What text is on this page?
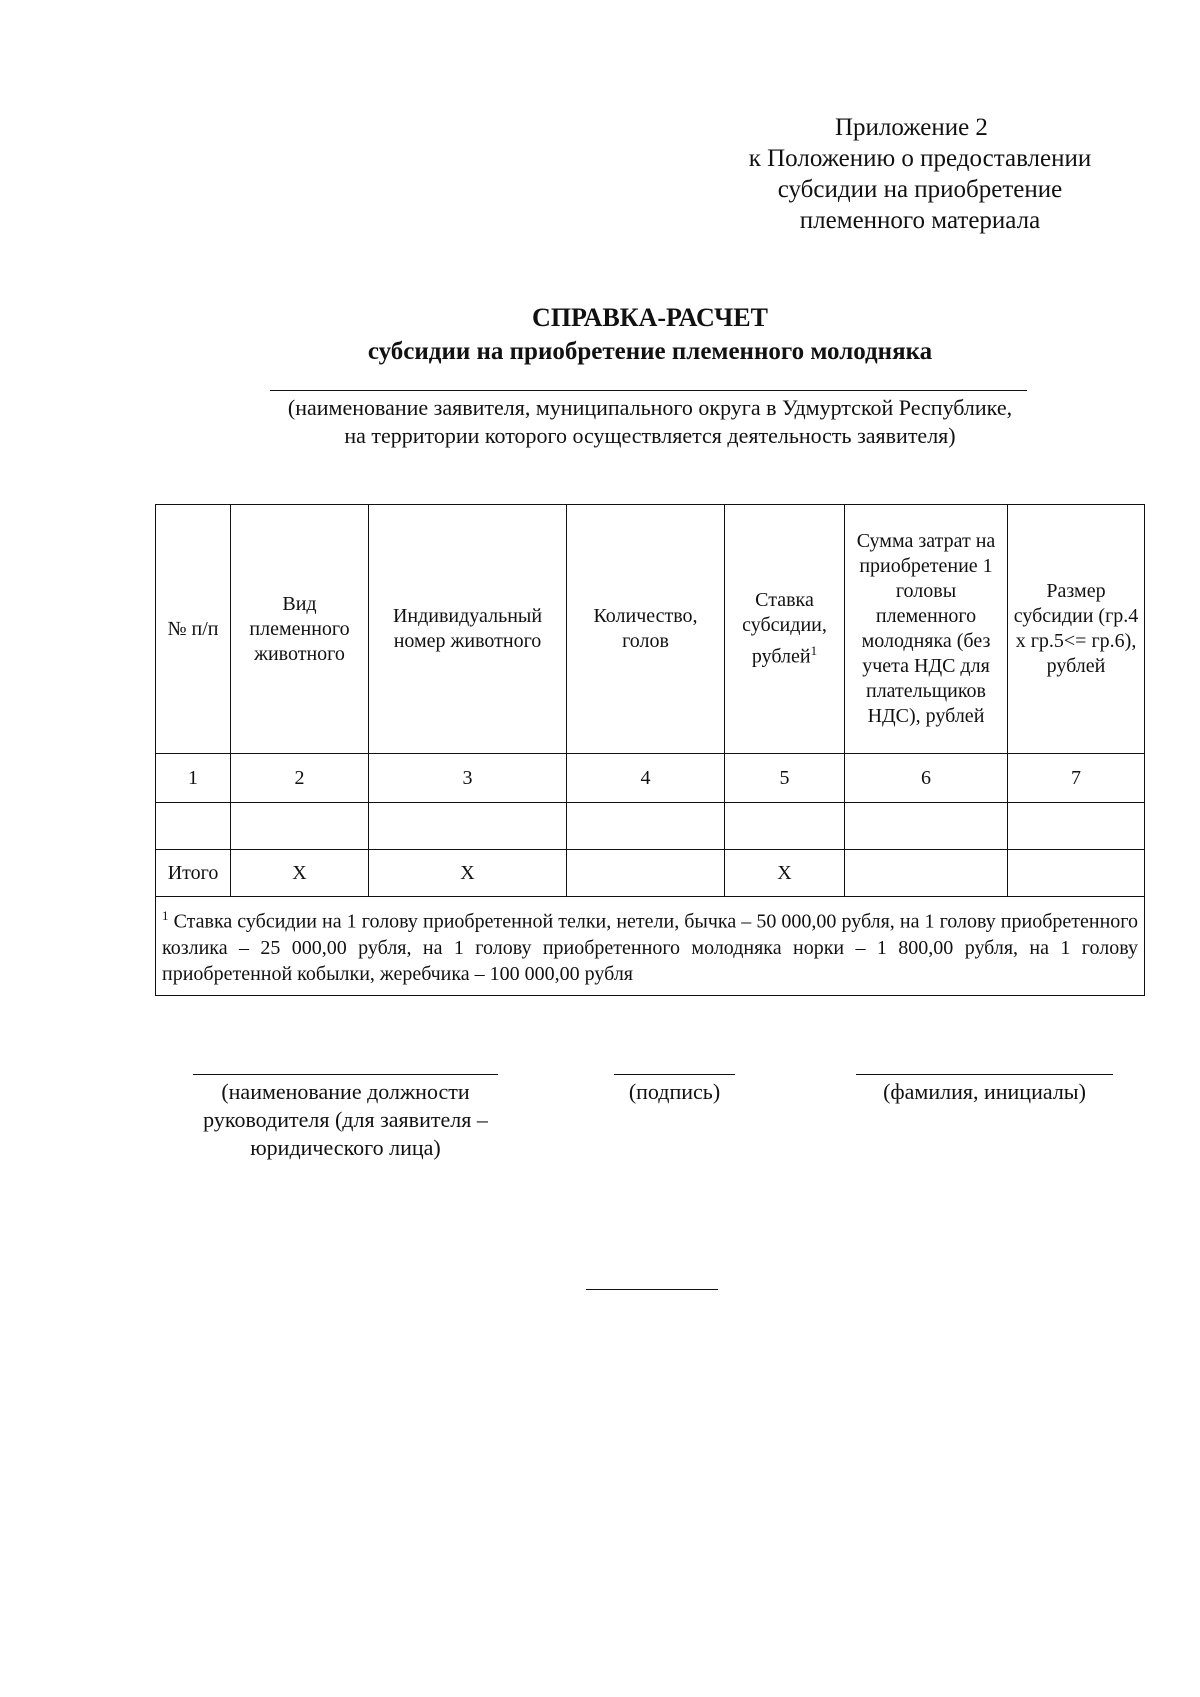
Приложение 2
к Положению о предоставлении
субсидии на приобретение
племенного материала
СПРАВКА-РАСЧЕТ
субсидии на приобретение племенного молодняка
(наименование заявителя, муниципального округа в Удмуртской Республике,
на территории которого осуществляется деятельность заявителя)
№ п/п	Вид племенного животного	Индивидуальный номер животного	Количество, голов	Ставка субсидии, рублей$^1$	Сумма затрат на приобретение 1 головы племенного молодняка (без учета НДС для плательщиков НДС), рублей	Размер субсидии (гр.4 х гр.5<= гр.6), рублей
1	2	3	4	5	6	7

Итого	X	X		X		
$^1$ Ставка субсидии на 1 голову приобретенной телки, нетели, бычка – 50 000,00 рубля, на 1 голову приобретенного козлика – 25 000,00 рубля, на 1 голову приобретенного молодняка норки – 1 800,00 рубля, на 1 голову приобретенной кобылки, жеребчика – 100 000,00 рубля						
(наименование должности
руководителя (для заявителя –
юридического лица)
(подпись)	(фамилия, инициалы)
